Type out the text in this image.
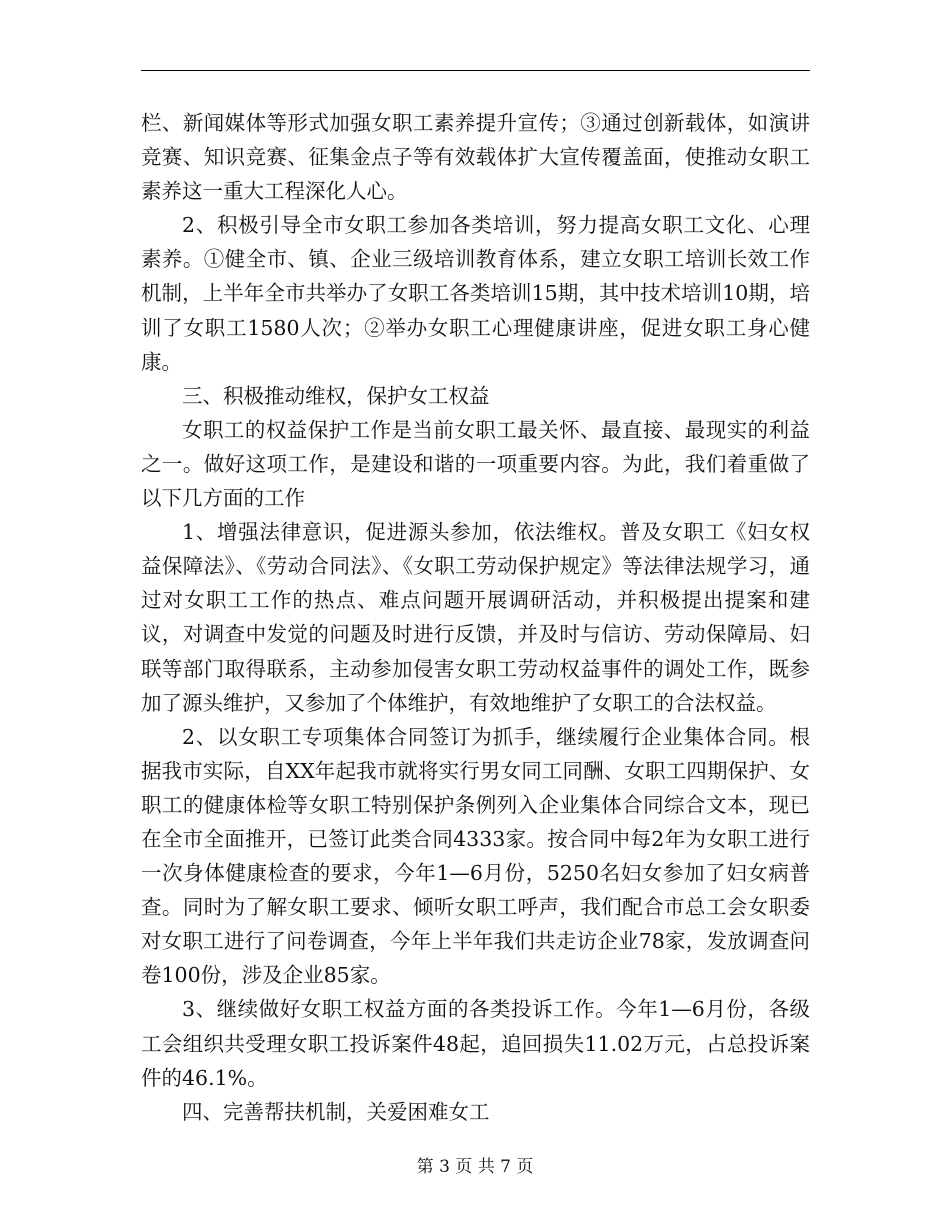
栏、新闻媒体等形式加强女职工素养提升宣传；③通过创新载体，如演讲竞赛、知识竞赛、征集金点子等有效载体扩大宣传覆盖面，使推动女职工素养这一重大工程深化人心。

2、积极引导全市女职工参加各类培训，努力提高女职工文化、心理素养。①健全市、镇、企业三级培训教育体系，建立女职工培训长效工作机制，上半年全市共举办了女职工各类培训15期，其中技术培训10期，培训了女职工1580人次；②举办女职工心理健康讲座，促进女职工身心健康。

三、积极推动维权，保护女工权益

女职工的权益保护工作是当前女职工最关怀、最直接、最现实的利益之一。做好这项工作，是建设和谐的一项重要内容。为此，我们着重做了以下几方面的工作

1、增强法律意识，促进源头参加，依法维权。普及女职工《妇女权益保障法》、《劳动合同法》、《女职工劳动保护规定》等法律法规学习，通过对女职工工作的热点、难点问题开展调研活动，并积极提出提案和建议，对调查中发觉的问题及时进行反馈，并及时与信访、劳动保障局、妇联等部门取得联系，主动参加侵害女职工劳动权益事件的调处工作，既参加了源头维护，又参加了个体维护，有效地维护了女职工的合法权益。

2、以女职工专项集体合同签订为抓手，继续履行企业集体合同。根据我市实际，自XX年起我市就将实行男女同工同酬、女职工四期保护、女职工的健康体检等女职工特别保护条例列入企业集体合同综合文本，现已在全市全面推开，已签订此类合同4333家。按合同中每2年为女职工进行一次身体健康检查的要求，今年1—6月份，5250名妇女参加了妇女病普查。同时为了解女职工要求、倾听女职工呼声，我们配合市总工会女职委对女职工进行了问卷调查，今年上半年我们共走访企业78家，发放调查问卷100份，涉及企业85家。

3、继续做好女职工权益方面的各类投诉工作。今年1—6月份，各级工会组织共受理女职工投诉案件48起，追回损失11.02万元，占总投诉案件的46.1%。

四、完善帮扶机制，关爱困难女工

第 3 页 共 7 页
